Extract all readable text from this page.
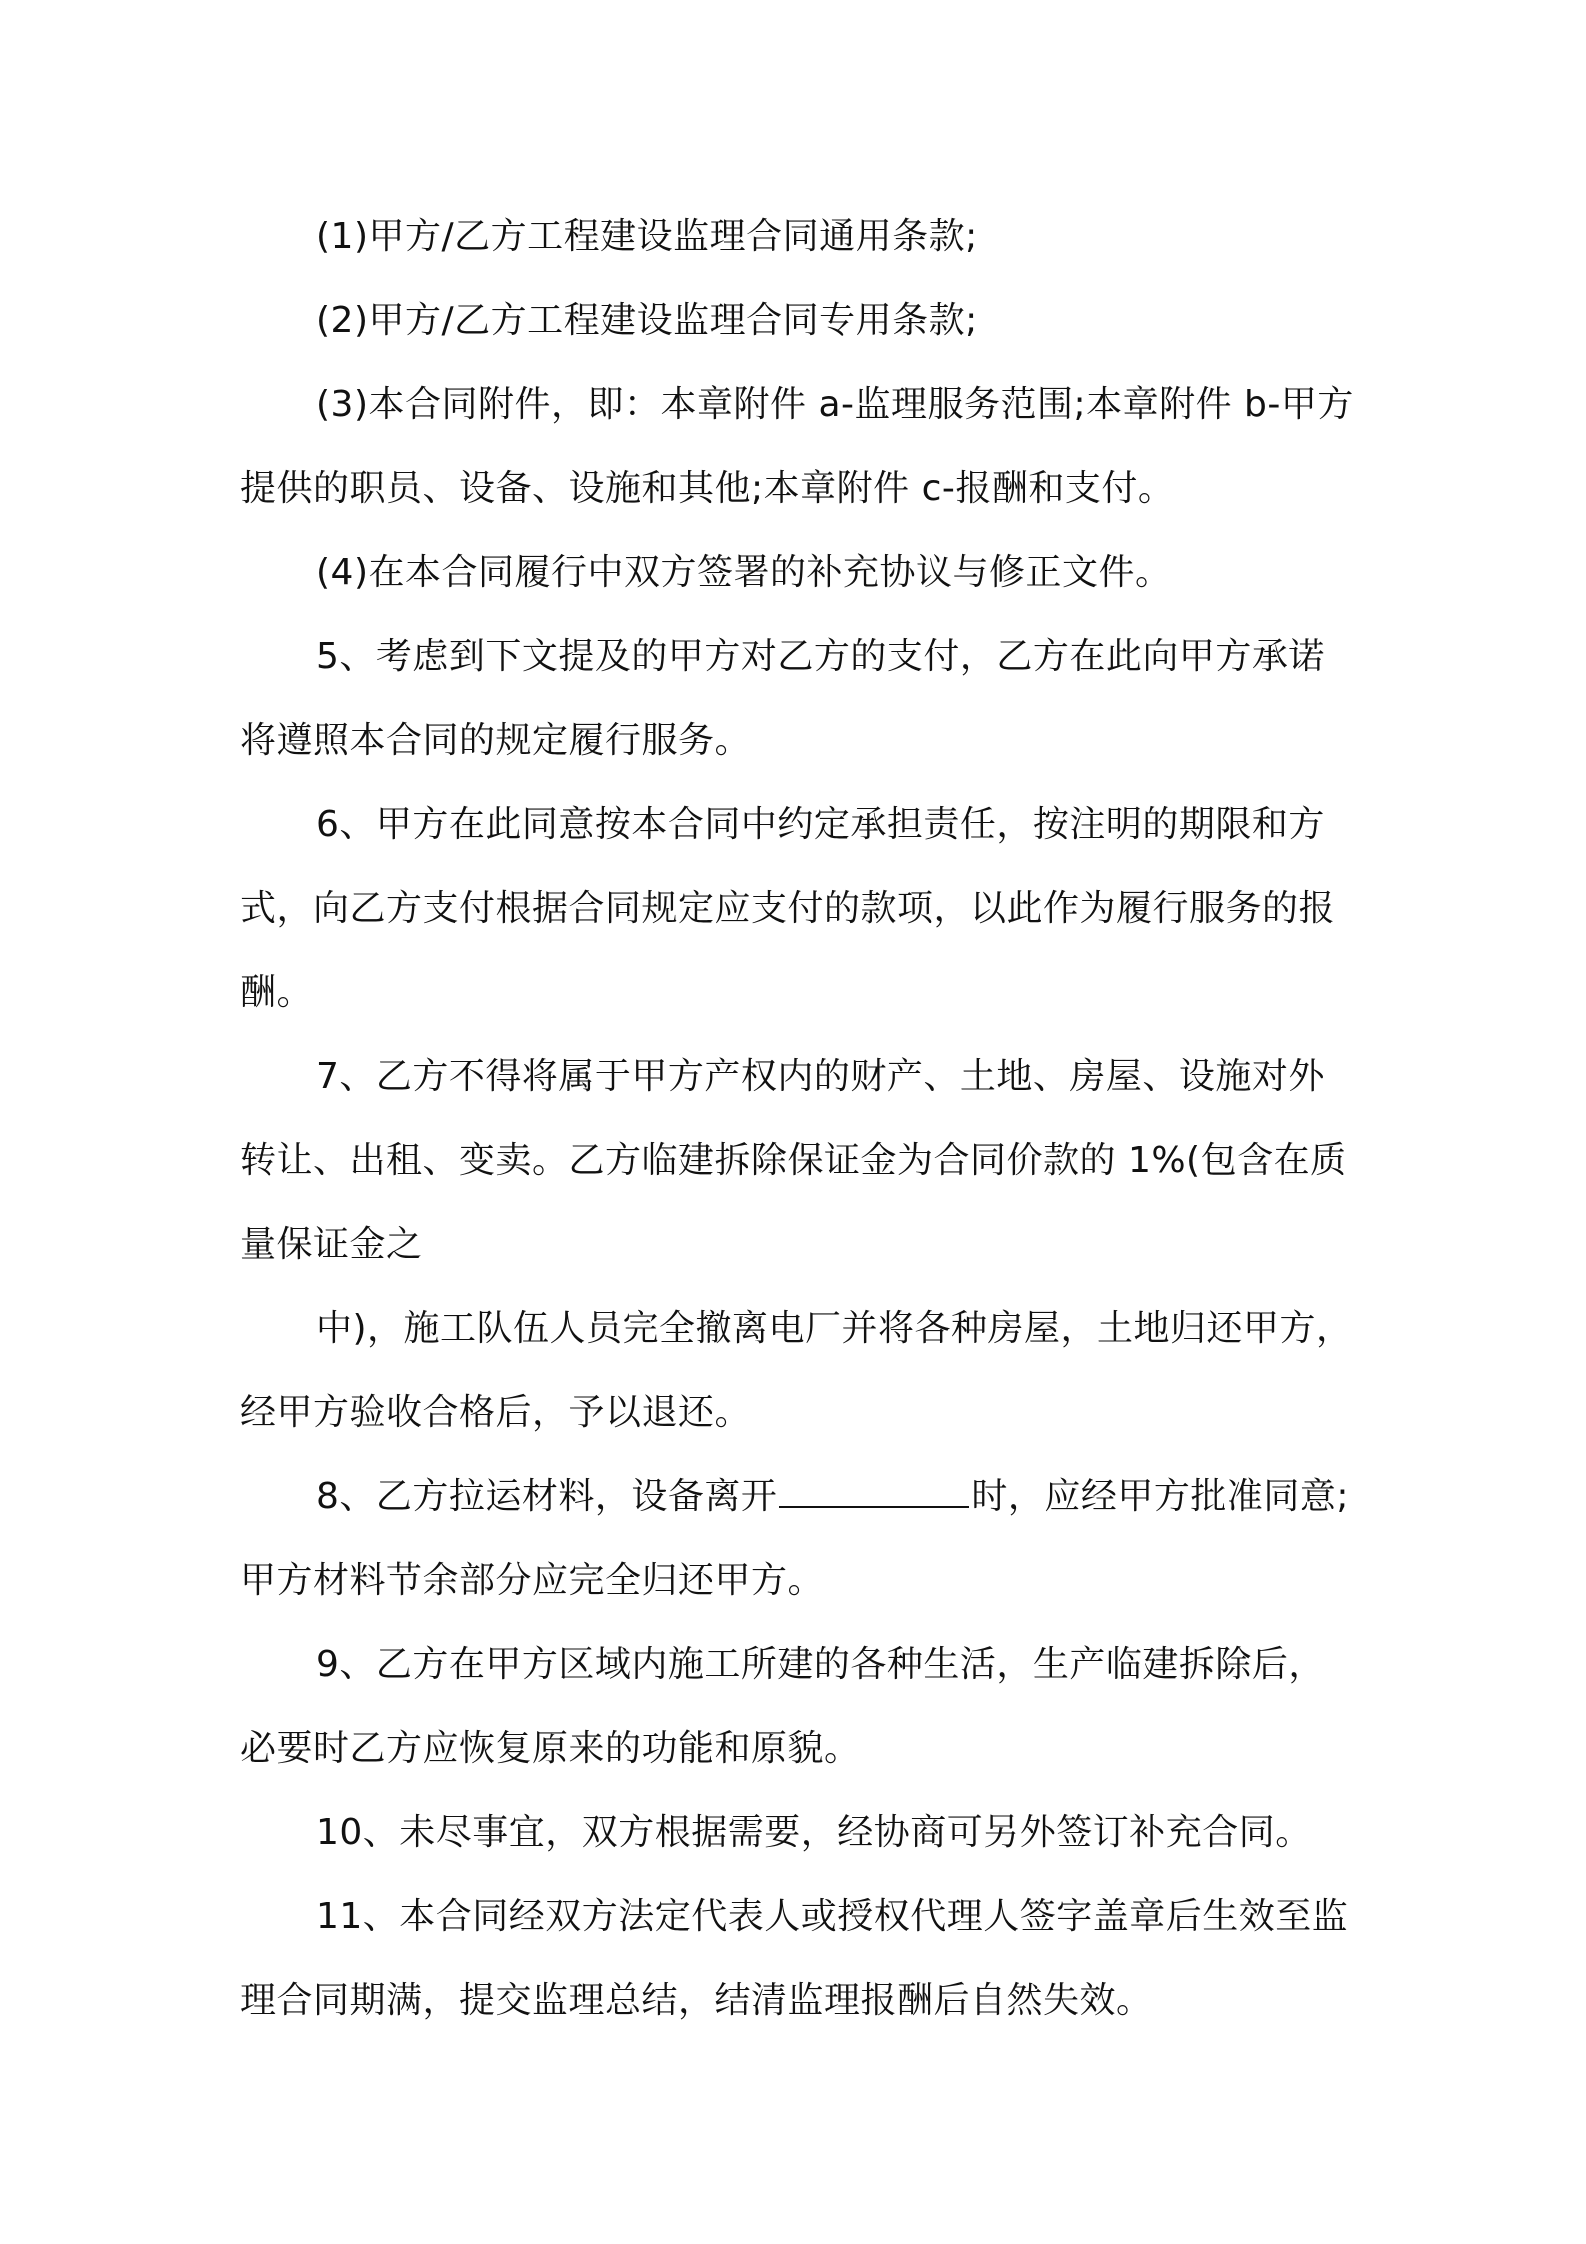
(1)甲方/乙方工程建设监理合同通用条款;

(2)甲方/乙方工程建设监理合同专用条款;

(3)本合同附件，即：本章附件 a-监理服务范围;本章附件 b-甲方

提供的职员、设备、设施和其他;本章附件 c-报酬和支付。

(4)在本合同履行中双方签署的补充协议与修正文件。

5、考虑到下文提及的甲方对乙方的支付，乙方在此向甲方承诺

将遵照本合同的规定履行服务。

6、甲方在此同意按本合同中约定承担责任，按注明的期限和方

式，向乙方支付根据合同规定应支付的款项，以此作为履行服务的报

酬。

7、乙方不得将属于甲方产权内的财产、土地、房屋、设施对外

转让、出租、变卖。乙方临建拆除保证金为合同价款的 1%(包含在质

量保证金之

中)，施工队伍人员完全撤离电厂并将各种房屋，土地归还甲方，

经甲方验收合格后，予以退还。

8、乙方拉运材料，设备离开	时，应经甲方批准同意;

甲方材料节余部分应完全归还甲方。

9、乙方在甲方区域内施工所建的各种生活，生产临建拆除后，

必要时乙方应恢复原来的功能和原貌。

10、未尽事宜，双方根据需要，经协商可另外签订补充合同。

11、本合同经双方法定代表人或授权代理人签字盖章后生效至监

理合同期满，提交监理总结，结清监理报酬后自然失效。
